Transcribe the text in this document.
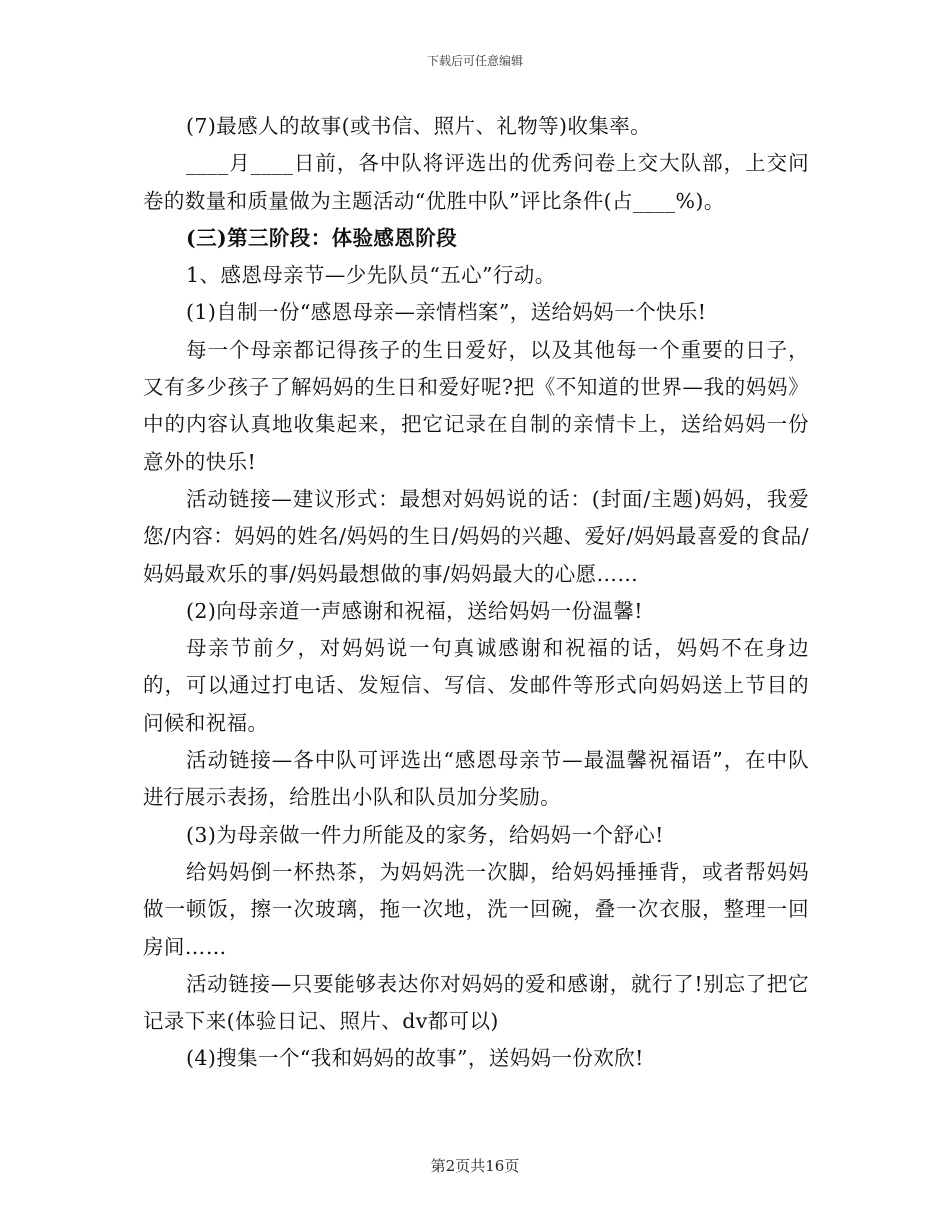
下载后可任意编辑

(7)最感人的故事(或书信、照片、礼物等)收集率。

____月____日前，各中队将评选出的优秀问卷上交大队部，上交问卷的数量和质量做为主题活动“优胜中队”评比条件(占____%)。

(三)第三阶段：体验感恩阶段

1、感恩母亲节—少先队员“五心”行动。

(1)自制一份“感恩母亲—亲情档案”，送给妈妈一个快乐!

每一个母亲都记得孩子的生日爱好，以及其他每一个重要的日子，又有多少孩子了解妈妈的生日和爱好呢?把《不知道的世界—我的妈妈》中的内容认真地收集起来，把它记录在自制的亲情卡上，送给妈妈一份意外的快乐!

活动链接—建议形式：最想对妈妈说的话：(封面/主题)妈妈，我爱您/内容：妈妈的姓名/妈妈的生日/妈妈的兴趣、爱好/妈妈最喜爱的食品/妈妈最欢乐的事/妈妈最想做的事/妈妈最大的心愿……

(2)向母亲道一声感谢和祝福，送给妈妈一份温馨!

母亲节前夕，对妈妈说一句真诚感谢和祝福的话，妈妈不在身边的，可以通过打电话、发短信、写信、发邮件等形式向妈妈送上节目的问候和祝福。

活动链接—各中队可评选出“感恩母亲节—最温馨祝福语”，在中队进行展示表扬，给胜出小队和队员加分奖励。

(3)为母亲做一件力所能及的家务，给妈妈一个舒心!

给妈妈倒一杯热茶，为妈妈洗一次脚，给妈妈捶捶背，或者帮妈妈做一顿饭，擦一次玻璃，拖一次地，洗一回碗，叠一次衣服，整理一回房间……

活动链接—只要能够表达你对妈妈的爱和感谢，就行了!别忘了把它记录下来(体验日记、照片、dv都可以)

(4)搜集一个“我和妈妈的故事”，送妈妈一份欢欣!

第2页共16页
